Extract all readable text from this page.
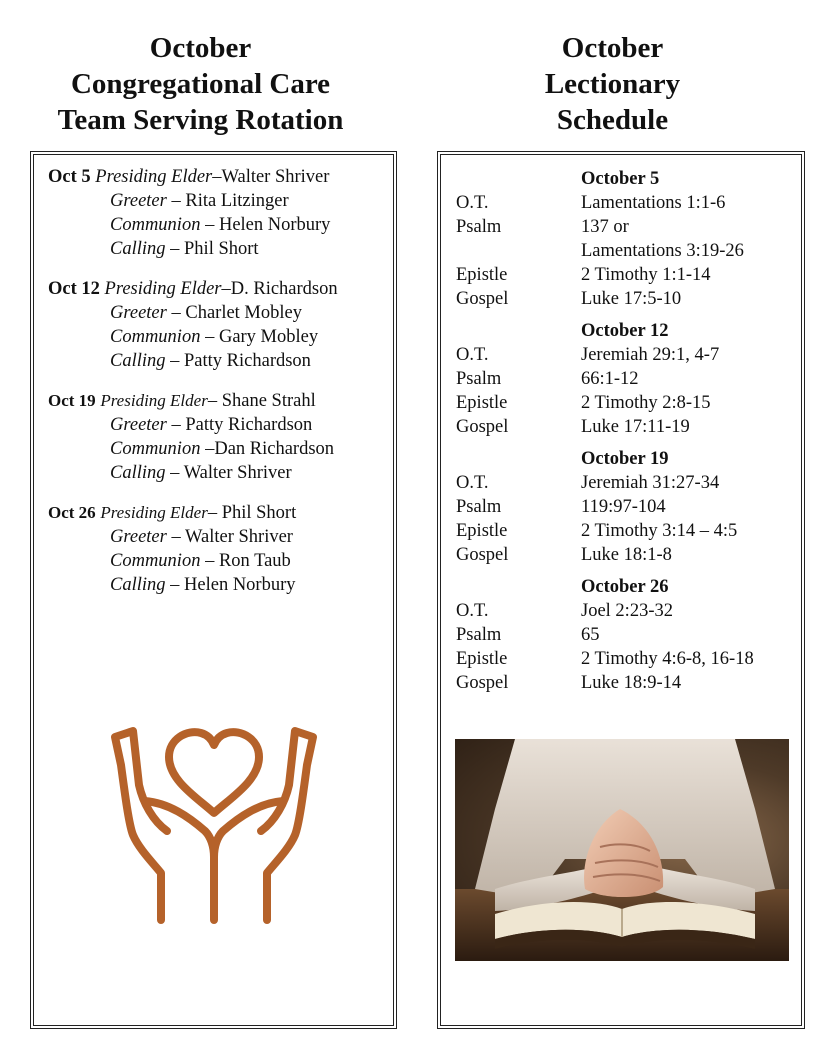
October
Congregational Care
Team Serving Rotation
October
Lectionary
Schedule
Oct 5 Presiding Elder–Walter Shriver
Greeter – Rita Litzinger
Communion – Helen Norbury
Calling – Phil Short
Oct 12 Presiding Elder–D. Richardson
Greeter – Charlet Mobley
Communion – Gary Mobley
Calling – Patty Richardson
Oct 19 Presiding Elder– Shane Strahl
Greeter – Patty Richardson
Communion –Dan Richardson
Calling – Walter Shriver
Oct 26 Presiding Elder– Phil Short
Greeter – Walter Shriver
Communion – Ron Taub
Calling – Helen Norbury
October 5
O.T.	Lamentations 1:1-6
Psalm	137 or
Lamentations 3:19-26
Epistle	2 Timothy 1:1-14
Gospel	Luke 17:5-10
October 12
O.T.	Jeremiah 29:1, 4-7
Psalm	66:1-12
Epistle	2 Timothy 2:8-15
Gospel	Luke 17:11-19
October 19
O.T.	Jeremiah 31:27-34
Psalm	119:97-104
Epistle	2 Timothy 3:14 – 4:5
Gospel	Luke 18:1-8
October 26
O.T.	Joel 2:23-32
Psalm	65
Epistle	2 Timothy 4:6-8, 16-18
Gospel	Luke 18:9-14
